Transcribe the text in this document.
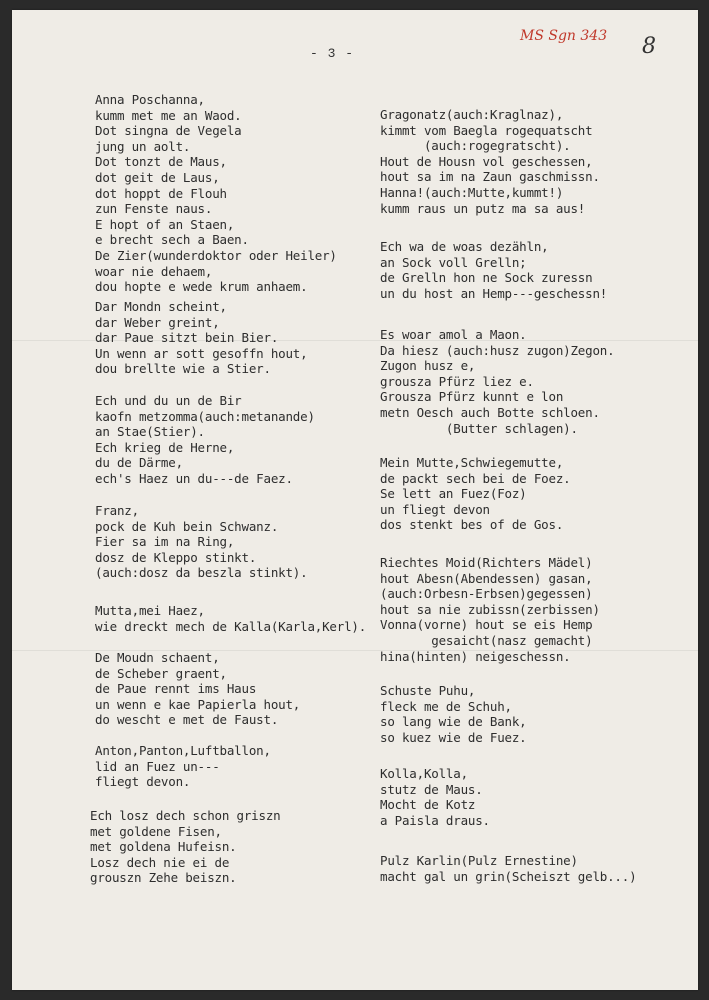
- 3 -
MS Sgn 343 8
Anna Poschanna,
kumm met me an Waod.
Dot singna de Vegela
jung un aolt.
Dot tonzt de Maus,
dot geit de Laus,
dot hoppt de Flouh
zun Fenste naus.
E hopt of an Staen,
e brecht sech a Baen.
De Zier(wunderdoktor oder Heiler)
woar nie dehaem,
dou hopte e wede krum anhaem.
Dar Mondn scheint,
dar Weber greint,
dar Paue sitzt bein Bier.
Un wenn ar sott gesoffn hout,
dou brellte wie a Stier.
Ech und du un de Bir
kaofn metzomma(auch:metanande)
an Stae(Stier).
Ech krieg de Herne,
du de Därme,
ech's Haez un du---de Faez.
Franz,
pock de Kuh bein Schwanz.
Fier sa im na Ring,
dosz de Kleppo stinkt.
(auch:dosz da beszla stinkt).
Mutta,mei Haez,
wie dreckt mech de Kalla(Karla,Kerl).
De Moudn schaent,
de Scheber graent,
de Paue rennt ims Haus
un wenn e kae Papierla hout,
do wescht e met de Faust.
Anton,Panton,Luftballon,
lid an Fuez un---
fliegt devon.
Ech losz dech schon griszn
met goldene Fisen,
met goldena Hufeisn.
Losz dech nie ei de
grouszn Zehe beiszn.
Gragonatz(auch:Kraglnaz),
kimmt vom Baegla rogequatscht
(auch:rogegratscht).
Hout de Housn vol geschessen,
hout sa im na Zaun gaschmissn.
Hanna!(auch:Mutte,kummt!)
kumm raus un putz ma sa aus!
Ech wa de woas dezähln,
an Sock voll Grelln;
de Grelln hon ne Sock zuressn
un du host an Hemp---geschessn!
Es woar amol a Maon.
Da hiesz (auch:husz zugon)Zegon.
Zugon husz e,
grousza Pfürz liez e.
Grousza Pfürz kunnt e lon
metn Oesch auch Botte schloen.
(Butter schlagen).
Mein Mutte,Schwiegemutte,
de packt sech bei de Foez.
Se lett an Fuez(Foz)
un fliegt devon
dos stenkt bes of de Gos.
Riechtes Moid(Richters Mädel)
hout Abesn(Abendessen) gasan,
(auch:Orbesn-Erbsen)gegessen)
hout sa nie zubissn(zerbissen)
Vonna(vorne) hout se eis Hemp
gesaicht(nasz gemacht)
hina(hinten) neigeschessn.
Schuste Puhu,
fleck me de Schuh,
so lang wie de Bank,
so kuez wie de Fuez.
Kolla,Kolla,
stutz de Maus.
Mocht de Kotz
a Paisla draus.
Pulz Karlin(Pulz Ernestine)
macht gal un grin(Scheiszt gelb...)
